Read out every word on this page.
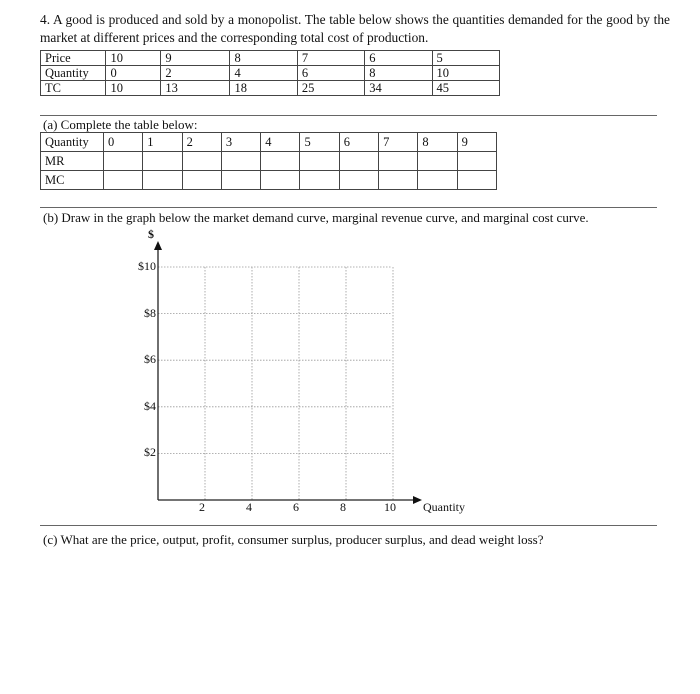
4. A good is produced and sold by a monopolist. The table below shows the quantities demanded for the good by the market at different prices and the corresponding total cost of production.
Price	10	9	8	7	6	5
Quantity	0	2	4	6	8	10
TC	10	13	18	25	34	45
(a) Complete the table below:
Quantity	0	1	2	3	4	5	6	7	8	9
MR										
MC										
(b) Draw in the graph below the market demand curve, marginal revenue curve, and marginal cost curve.
$
Quantity
$10
$8
$6
$4
$2
2	4	6	8	10
(c) What are the price, output, profit, consumer surplus, producer surplus, and dead weight loss?
